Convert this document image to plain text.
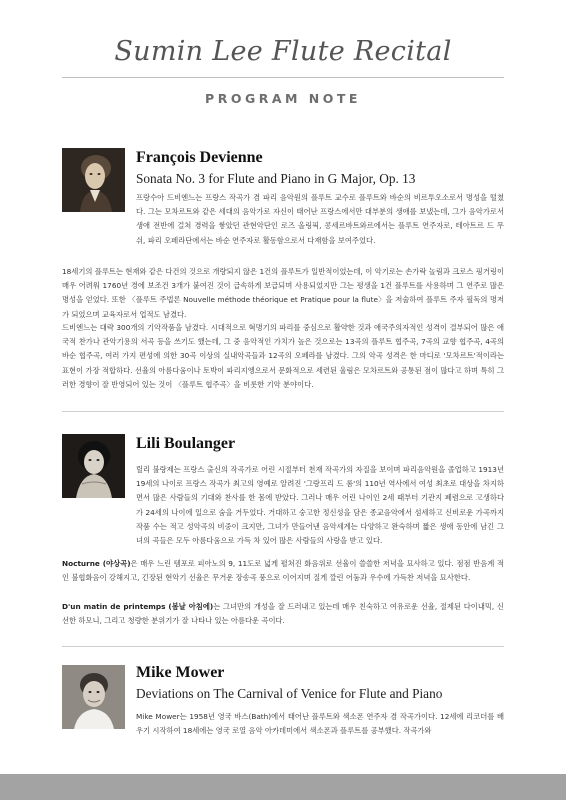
Sumin Lee Flute Recital
PROGRAM NOTE
François Devienne
Sonata No. 3 for Flute and Piano in G Major, Op. 13

프랑수아 드비엔느는 프랑스 작곡가 겸 파리 음악원의 플루트 교수로 플루트와 바순의 비르투오소로서 명성을 떨쳤다. 그는 모차르트와 같은 세대의 음악가로 자신이 태어난 프랑스에서만 대부분의 생애를 보냈는데, 그가 음악가로서 생애 전반에 걸쳐 경력을 쌓았던 관현악단인 로즈 올링픽, 콩세르바트와르에서는 플루트 연주자로, 테아트르 드 무쉬, 파리 오페라단에서는 바순 연주자로 활동함으로서 다재함을 보여주었다.

18세기의 플루트는 현재와 같은 다건의 것으로 개량되지 않은 1건의 플루트가 일반적이었는데, 이 악기로는 손가락 놀림과 크로스 핑거링이 매우 어려워 1760년 경에 보조건 3개가 붙여진 것이 급속하게 보급되며 사용되었지만 그는 평생을 1건 플루트를 사용하며 그 연주로 많은 명성을 얻었다. 또한 〈플루트 주법론 Nouvelle méthode théorique et Pratique pour la flute〉을 저술하여 플루트 주자 필독의 명저가 되었으며 교육자로서 업적도 남겼다.

드비엔느는 대략 300개의 기악작품을 남겼다. 시대적으로 혁명기의 파리를 중심으로 활약한 것과 애국주의자적인 성격이 결부되어 많은 애국적 찬가나 관악기용의 서곡 등을 쓰기도 했는데, 그 중 음악적인 가치가 높은 것으로는 13곡의 플루트 협주곡, 7곡의 교향 협주곡, 4곡의 바순 협주곡, 여러 가지 편성에 의한 30곡 이상의 실내악곡들과 12곡의 오페라를 남겼다. 그의 악곡 성격은 한 마디로 '모차르트'적이라는 표현이 가장 적합하다. 선율의 아름다움이나 토박이 파리지엥으로서 문화적으로 세련된 울림은 모차르트와 공통된 점이 많다고 하며 특히 그러한 경향이 잘 반영되어 있는 것이 〈플루트 협주곡〉을 비롯한 기악 분야이다.

Lili Boulanger

릴리 불랑제는 프랑스 출신의 작곡가로 어린 시절부터 천재 작곡가의 자질을 보이며 파리음악원을 졸업하고 1913년 19세의 나이로 프랑스 작곡가 최고의 영예로 알려진 '그랑프리 드 롬'의 110년 역사에서 여성 최초로 대상을 차지하면서 많은 사람들의 기대와 찬사를 한 몸에 받았다. 그러나 매우 어린 나이인 2세 때부터 기관지 폐렴으로 고생하다가 24세의 나이에 일으로 숨을 거두었다. 거대하고 숭고한 정신성을 담은 종교음악에서 섬세하고 신비로운 가곡까지 작품 수는 적고 성악곡의 비중이 크지만, 그녀가 만들어낸 음악세계는 다양하고 완숙하며 짧은 생애 동안에 남긴 그녀의 곡들은 모두 아름다움으로 가득 차 있어 많은 사람들의 사랑을 받고 있다.

Nocturne (야상곡)은 매우 느린 템포로 피아노의 9, 11도로 넓게 펼쳐진 화음위로 선율이 쓸쓸한 저녁을 묘사하고 있다. 점점 반음계 적인 불협화음이 강해지고, 긴장된 현악기 선율은 무거운 장송곡 풍으로 이어지며 질게 깔린 어둠과 우수에 가득찬 저녁을 묘사한다.

D'un matin de printemps (봄날 아침에)는 그녀만의 개성을 잘 드러내고 있는데 매우 친숙하고 여유로운 선율, 절제된 다이내믹, 신선한 하모니, 그리고 청량한 분위기가 잘 나타나 있는 아름다운 곡이다.

Mike Mower
Deviations on The Carnival of Venice for Flute and Piano

Mike Mower는 1958년 영국 바스(Bath)에서 태어난 플루트와 색소폰 연주자 겸 작곡가이다. 12세에 리코더를 배우기 시작하여 18세에는 영국 로열 음악 아카데미에서 색소폰과 플루트를 공부했다. 작곡가와
